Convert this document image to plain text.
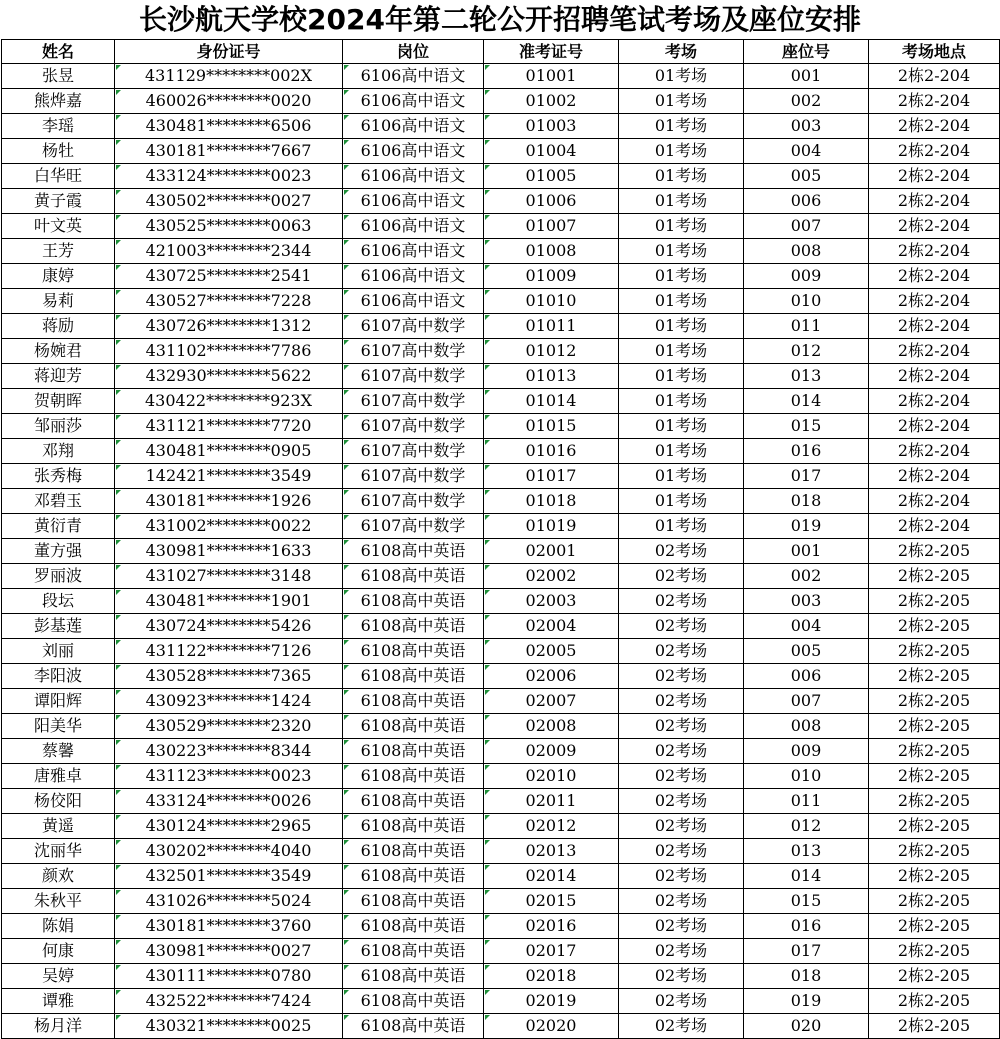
长沙航天学校2024年第二轮公开招聘笔试考场及座位安排
姓名	身份证号	岗位	准考证号	考场	座位号	考场地点
张昱	431129********002X	6106高中语文	01001	01考场	001	2栋2-204
熊烨嘉	460026********0020	6106高中语文	01002	01考场	002	2栋2-204
李瑶	430481********6506	6106高中语文	01003	01考场	003	2栋2-204
杨牡	430181********7667	6106高中语文	01004	01考场	004	2栋2-204
白华旺	433124********0023	6106高中语文	01005	01考场	005	2栋2-204
黄子霞	430502********0027	6106高中语文	01006	01考场	006	2栋2-204
叶文英	430525********0063	6106高中语文	01007	01考场	007	2栋2-204
王芳	421003********2344	6106高中语文	01008	01考场	008	2栋2-204
康婷	430725********2541	6106高中语文	01009	01考场	009	2栋2-204
易莉	430527********7228	6106高中语文	01010	01考场	010	2栋2-204
蒋励	430726********1312	6107高中数学	01011	01考场	011	2栋2-204
杨婉君	431102********7786	6107高中数学	01012	01考场	012	2栋2-204
蒋迎芳	432930********5622	6107高中数学	01013	01考场	013	2栋2-204
贺朝晖	430422********923X	6107高中数学	01014	01考场	014	2栋2-204
邹丽莎	431121********7720	6107高中数学	01015	01考场	015	2栋2-204
邓翔	430481********0905	6107高中数学	01016	01考场	016	2栋2-204
张秀梅	142421********3549	6107高中数学	01017	01考场	017	2栋2-204
邓碧玉	430181********1926	6107高中数学	01018	01考场	018	2栋2-204
黄衍青	431002********0022	6107高中数学	01019	01考场	019	2栋2-204
董方强	430981********1633	6108高中英语	02001	02考场	001	2栋2-205
罗丽波	431027********3148	6108高中英语	02002	02考场	002	2栋2-205
段坛	430481********1901	6108高中英语	02003	02考场	003	2栋2-205
彭基莲	430724********5426	6108高中英语	02004	02考场	004	2栋2-205
刘丽	431122********7126	6108高中英语	02005	02考场	005	2栋2-205
李阳波	430528********7365	6108高中英语	02006	02考场	006	2栋2-205
谭阳辉	430923********1424	6108高中英语	02007	02考场	007	2栋2-205
阳美华	430529********2320	6108高中英语	02008	02考场	008	2栋2-205
蔡馨	430223********8344	6108高中英语	02009	02考场	009	2栋2-205
唐雅卓	431123********0023	6108高中英语	02010	02考场	010	2栋2-205
杨佼阳	433124********0026	6108高中英语	02011	02考场	011	2栋2-205
黄遥	430124********2965	6108高中英语	02012	02考场	012	2栋2-205
沈丽华	430202********4040	6108高中英语	02013	02考场	013	2栋2-205
颜欢	432501********3549	6108高中英语	02014	02考场	014	2栋2-205
朱秋平	431026********5024	6108高中英语	02015	02考场	015	2栋2-205
陈娟	430181********3760	6108高中英语	02016	02考场	016	2栋2-205
何康	430981********0027	6108高中英语	02017	02考场	017	2栋2-205
吴婷	430111********0780	6108高中英语	02018	02考场	018	2栋2-205
谭雅	432522********7424	6108高中英语	02019	02考场	019	2栋2-205
杨月洋	430321********0025	6108高中英语	02020	02考场	020	2栋2-205
